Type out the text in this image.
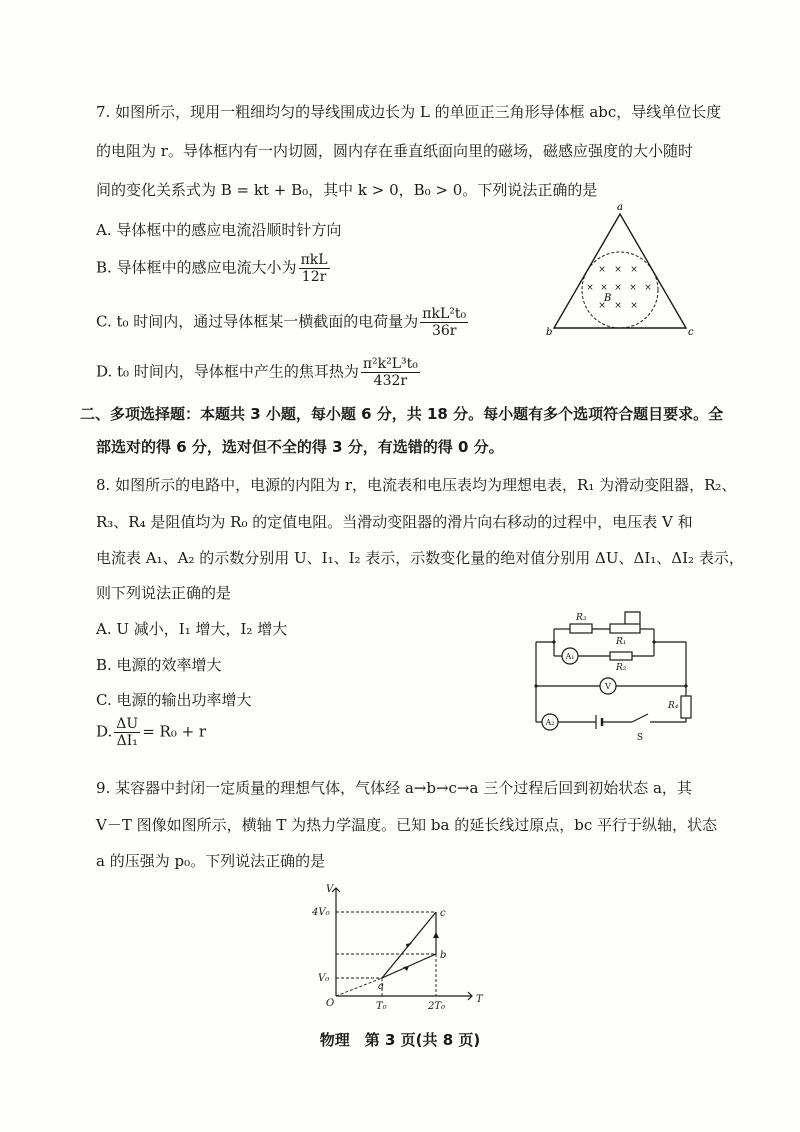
7. 如图所示，现用一粗细均匀的导线围成边长为 L 的单匝正三角形导体框 abc，导线单位长度
的电阻为 r。导体框内有一内切圆，圆内存在垂直纸面向里的磁场，磁感应强度的大小随时
间的变化关系式为 B = kt + B₀，其中 k > 0，B₀ > 0。下列说法正确的是
A. 导体框中的感应电流沿顺时针方向
B. 导体框中的感应电流大小为 $\frac{\text{πkL}}{12r}$
C. t₀ 时间内，通过导体框某一横截面的电荷量为 $\frac{\text{πkL²t₀}}{36r}$
D. t₀ 时间内，导体框中产生的焦耳热为 $\frac{\text{π²k²L³t₀}}{432r}$
× × ×
× × × × ×
× × ×
a
b	c
B
二、多项选择题：本题共 3 小题，每小题 6 分，共 18 分。每小题有多个选项符合题目要求。全
部选对的得 6 分，选对但不全的得 3 分，有选错的得 0 分。
8. 如图所示的电路中，电源的内阻为 r，电流表和电压表均为理想电表，R₁ 为滑动变阻器，R₂、
R₃、R₄ 是阻值均为 R₀ 的定值电阻。当滑动变阻器的滑片向右移动的过程中，电压表 V 和
电流表 A₁、A₂ 的示数分别用 U、I₁、I₂ 表示，示数变化量的绝对值分别用 ΔU、ΔI₁、ΔI₂ 表示，
则下列说法正确的是
A. U 减小，I₁ 增大，I₂ 增大
B. 电源的效率增大
C. 电源的输出功率增大
D. $\frac{\Delta U}{\text{ΔI₁}} = R_0 + r$
R₃
R₁
R₂
R₄
A₁
V
A₂
S
9. 某容器中封闭一定质量的理想气体，气体经 a→b→c→a 三个过程后回到初始状态 a，其
V－T 图像如图所示，横轴 T 为热力学温度。已知 ba 的延长线过原点，bc 平行于纵轴，状态
a 的压强为 p₀。下列说法正确的是
V
T
O
V₀
4V₀
T₀	2T₀
a
b
c
物理　第 3 页(共 8 页)
